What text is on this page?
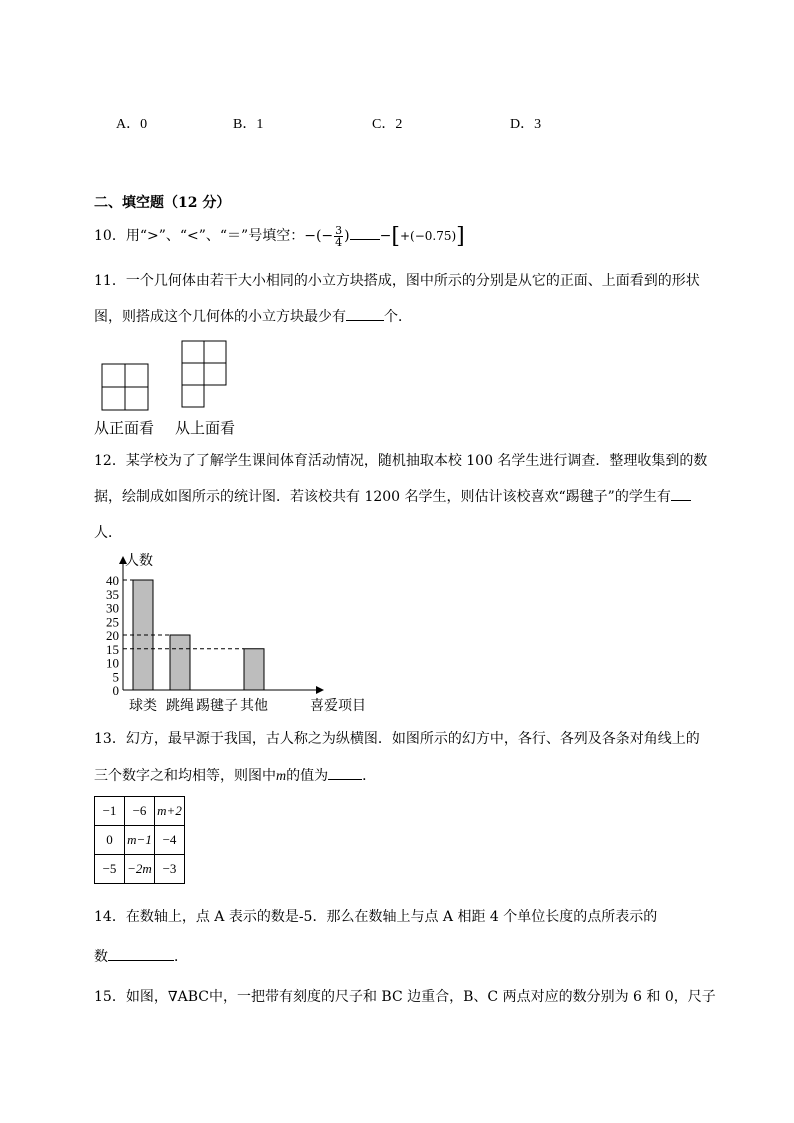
A．0	B．1	C．2	D．3
二、填空题（12 分）
10．用“>”、“<”、“＝”号填空：−(− $\frac{3}{4}$ ) −[+(−0.75)]
11．一个几何体由若干大小相同的小立方块搭成，图中所示的分别是从它的正面、上面看到的形状
图，则搭成这个几何体的小立方块最少有	个．
从正面看 从上面看
12．某学校为了了解学生课间体育活动情况，随机抽取本校 100 名学生进行调查．整理收集到的数
据，绘制成如图所示的统计图．若该校共有 1200 名学生，则估计该校喜欢“踢毽子”的学生有
人．
人数
0
5
10
15
20
25
30
35
40
球类 跳绳 踢毽子 其他	喜爱项目
13．幻方，最早源于我国，古人称之为纵横图．如图所示的幻方中，各行、各列及各条对角线上的
三个数字之和均相等，则图中m的值为 ．
−1	−6	m+2
0	m−1	−4
−5	−2m	−3
14．在数轴上，点 A 表示的数是-5．那么在数轴上与点 A 相距 4 个单位长度的点所表示的
数	．
15．如图，∇ABC中，一把带有刻度的尺子和 BC 边重合，B、C 两点对应的数分别为 6 和 0，尺子
